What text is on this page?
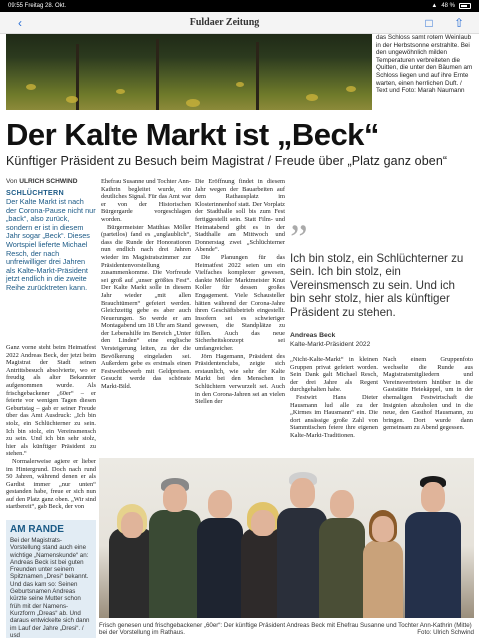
09:55 Freitag 28. Okt.	▲ 48 %
‹	Fuldaer Zeitung	□	⇧
das Schloss samt rotem Weinlaub in der Herbstsonne erstrahlte. Bei den ungewöhnlich milden Temperaturen verbreiteten die Quitten, die unter den Bäumen am Schloss liegen und auf ihre Ernte warten, einen herrlichen Duft. / Text und Foto: Marah Naumann
Der Kalte Markt ist „Beck“
Künftiger Präsident zu Besuch beim Magistrat / Freude über „Platz ganz oben“
Von ULRICH SCHWIND
SCHLÜCHTERN
Der Kalte Markt ist nach der Corona-Pause nicht nur „back“, also zurück, sondern er ist in diesem Jahr sogar „Beck“. Dieses Wortspiel lieferte Michael Resch, der nach unfreiwilliger drei Jahren als Kalte-Markt-Präsident jetzt endlich in die zweite Reihe zurücktreten kann.

Ganz vorne steht beim Heimatfest 2022 Andreas Beck, der jetzt beim Magistrat der Stadt seinen Antrittsbesuch absolvierte, wo er freudig als alter Bekannter aufgenommen wurde. Als frischgebackener „60er“ – er feierte vor wenigen Tagen diesen Geburtstag – gab er seiner Freude über das Amt Ausdruck: „Ich bin stolz, ein Schlüchterner zu sein. Ich bin stolz, ein Vereinsmensch zu sein. Und ich bin sehr stolz, hier als künftiger Präsident zu stehen.“

Normalerweise agiere er lieber im Hintergrund. Doch nach rund 50 Jahren, während denen er als Gardist immer „nur unten“ gestanden habe, freue er sich nun auf den Platz ganz oben. „Wir sind startbereit“, gab Beck, der von

Ehefrau Susanne und Tochter Ann-Kathrin begleitet wurde, ein deutliches Signal. Für das Amt war er von der Historischen Bürgergarde vorgeschlagen worden.

Bürgermeister Matthias Möller (parteilos) fand es „unglaublich“, dass die Runde der Honoratioren nun endlich nach drei Jahren wieder im Magistratszimmer zur Präsidentenvorstellung zusammenkomme. Die Vorfreude sei groß auf „unser größtes Fest“. Der Kalte Markt solle in diesem Jahr wieder „mit allen Brauchtümern“ gefeiert werden. Gleichzeitig gebe es aber auch Neuerungen. So werde er am Montagabend um 18 Uhr am Stand der Lebenshilfe im Bereich „Unter den Linden“ eine englische Versteigerung leiten, zu der die Bevölkerung eingeladen sei. Außerdem gebe es erstmals einen Festwettbewerb mit Geldpreisen. Gesucht werde das schönste Markt-Bild.

Die Eröffnung findet in diesem Jahr wegen der Bauarbeiten auf dem Rathausplatz im Klosterinnenhof statt. Der Vorplatz der Stadthalle soll bis zum Fest fertiggestellt sein. Statt Film- und Heimatabend gibt es in der Stadthalle am Mittwoch und Donnerstag zwei „Schlüchterner Abende“.

Die Planungen für das Heimatfest 2022 seien um ein Vielfaches komplexer gewesen, dankte Möller Marktmeister Knut Koller für dessen großes Engagement. Viele Schausteller hätten während der Corona-Jahre ihren Geschäftsbetrieb eingestellt. Insofern sei es schwieriger gewesen, die Standplätze zu füllen. Auch das neue Sicherheitskonzept sei umfangreicher.

Jörn Hagemann, Präsident des Präsidentenclubs, zeigte sich erstaunlich, wie sehr der Kalte Markt bei den Menschen in Schlüchtern verwurzelt sei. Auch in den Corona-Jahren sei an vielen Stellen der

”
Ich bin stolz, ein Schlüchterner zu sein. Ich bin stolz, ein Vereinsmensch zu sein. Und ich bin sehr stolz, hier als künftiger Präsident zu stehen.
Andreas Beck
Kalte-Markt-Präsident 2022

„Nicht-Kalte-Markt“ in kleinen Gruppen privat gefeiert worden. Sein Dank galt Michael Resch, der drei Jahre als Regent durchgehalten habe.

Festwirt Hans Dieter Hausmann lud alle zu der „Kirmes im Hausmann“ ein. Die dort ansässige große Zahl von Stammtischen feiere ihre eigenen Kalte-Markt-Traditionen.

Nach einem Gruppenfoto wechselte die Runde aus Magistratsmitgliedern und Vereinsvertretern hinüber in die Gaststätte Heiekäppel, um in der ehemaligen Festwirtschaft die Insignien abzuholen und in die neue, den Gasthof Hausmann, zu bringen. Dort wurde dann gemeinsam zu Abend gegessen.

AM RANDE
Bei der Magistrats-Vorstellung stand auch eine wichtige „Namenskunde“ an: Andreas Beck ist bei guten Freunden unter seinem Spitznamen „Dresi“ bekannt. Und das kam so: Seinen Geburtsnamen Andreas kürzte seine Mutter schon früh mit der Namens-Kurzform „Dreas“ ab. Und daraus entwickelte sich dann im Lauf der Jahre „Dresi“. / usd
Frisch genesen und frischgebackener „60er“: Der künftige Präsident Andreas Beck mit Ehefrau Susanne und Tochter Ann-Kathrin (Mitte) bei der Vorstellung im Rathaus.	Foto: Ulrich Schwind
